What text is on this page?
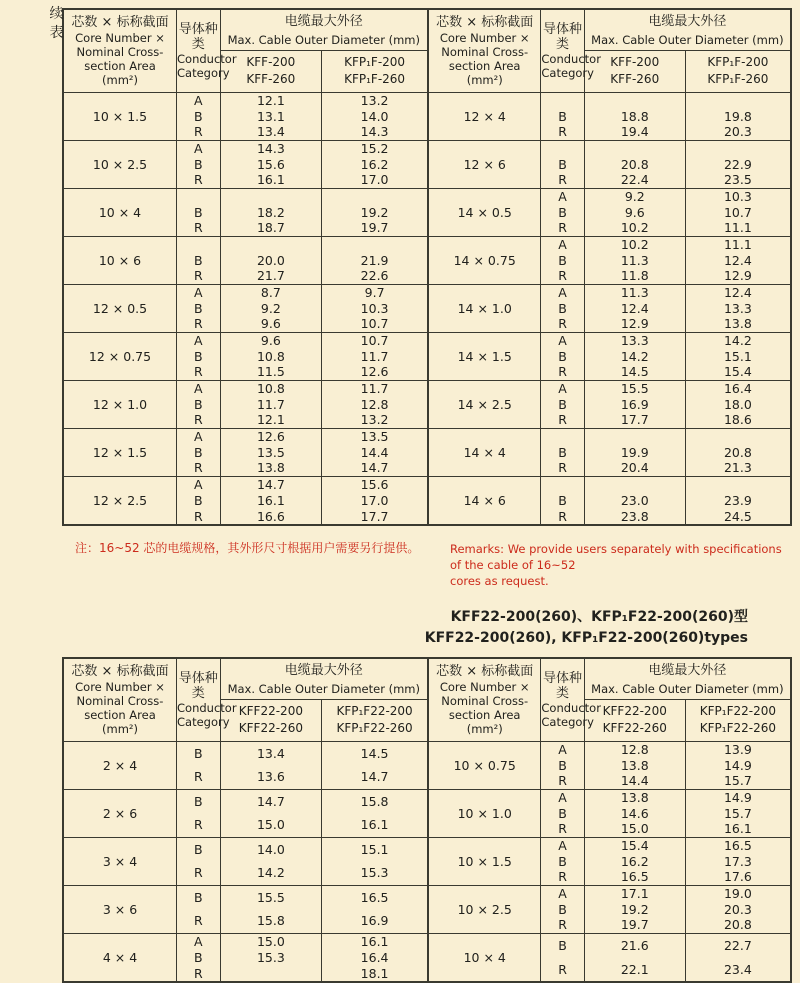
续
表
芯数 × 标称截面
Core Number ×
Nominal Cross-
section Area
(mm²)

导体种
类
Conductor
Category

电缆最大外径
Max. Cable Outer Diameter (mm)

KFF-200
KFF-260

KFP₁F-200
KFP₁F-260

10 × 1.5	A	12.1	13.2
	B	13.1	14.0
	R	13.4	14.3
10 × 2.5	A	14.3	15.2
	B	15.6	16.2
	R	16.1	17.0
10 × 4			
	B	18.2	19.2
	R	18.7	19.7
10 × 6			
	B	20.0	21.9
	R	21.7	22.6
12 × 0.5	A	8.7	9.7
	B	9.2	10.3
	R	9.6	10.7
12 × 0.75	A	9.6	10.7
	B	10.8	11.7
	R	11.5	12.6
12 × 1.0	A	10.8	11.7
	B	11.7	12.8
	R	12.1	13.2
12 × 1.5	A	12.6	13.5
	B	13.5	14.4
	R	13.8	14.7
12 × 2.5	A	14.7	15.6
	B	16.1	17.0
	R	16.6	17.7
芯数 × 标称截面
Core Number ×
Nominal Cross-
section Area
(mm²)

导体种
类
Conductor
Category

电缆最大外径
Max. Cable Outer Diameter (mm)

KFF-200
KFF-260

KFP₁F-200
KFP₁F-260

12 × 4			
	B	18.8	19.8
	R	19.4	20.3
12 × 6			
	B	20.8	22.9
	R	22.4	23.5
14 × 0.5	A	9.2	10.3
	B	9.6	10.7
	R	10.2	11.1
14 × 0.75	A	10.2	11.1
	B	11.3	12.4
	R	11.8	12.9
14 × 1.0	A	11.3	12.4
	B	12.4	13.3
	R	12.9	13.8
14 × 1.5	A	13.3	14.2
	B	14.2	15.1
	R	14.5	15.4
14 × 2.5	A	15.5	16.4
	B	16.9	18.0
	R	17.7	18.6
14 × 4			
	B	19.9	20.8
	R	20.4	21.3
14 × 6			
	B	23.0	23.9
	R	23.8	24.5
注：16~52 芯的电缆规格，其外形尺寸根据用户需要另行提供。	Remarks: We provide users separately with specifications of the cable of 16~52
cores as request.
KFF22-200(260)、KFP₁F22-200(260)型
KFF22-200(260), KFP₁F22-200(260)types
芯数 × 标称截面
Core Number ×
Nominal Cross-
section Area
(mm²)

导体种
类
Conductor
Category

电缆最大外径
Max. Cable Outer Diameter (mm)

KFF22-200
KFF22-260

KFP₁F22-200
KFP₁F22-260

2 × 4	B	13.4	14.5
	R	13.6	14.7
2 × 6	B	14.7	15.8
	R	15.0	16.1
3 × 4	B	14.0	15.1
	R	14.2	15.3
3 × 6	B	15.5	16.5
	R	15.8	16.9
4 × 4	A	15.0	16.1
	B	15.3	16.4
	R		18.1
芯数 × 标称截面
Core Number ×
Nominal Cross-
section Area
(mm²)

导体种
类
Conductor
Category

电缆最大外径
Max. Cable Outer Diameter (mm)

KFF22-200
KFF22-260

KFP₁F22-200
KFP₁F22-260

10 × 0.75	A	12.8	13.9
	B	13.8	14.9
	R	14.4	15.7
10 × 1.0	A	13.8	14.9
	B	14.6	15.7
	R	15.0	16.1
10 × 1.5	A	15.4	16.5
	B	16.2	17.3
	R	16.5	17.6
10 × 2.5	A	17.1	19.0
	B	19.2	20.3
	R	19.7	20.8
10 × 4	B	21.6	22.7
	R	22.1	23.4
